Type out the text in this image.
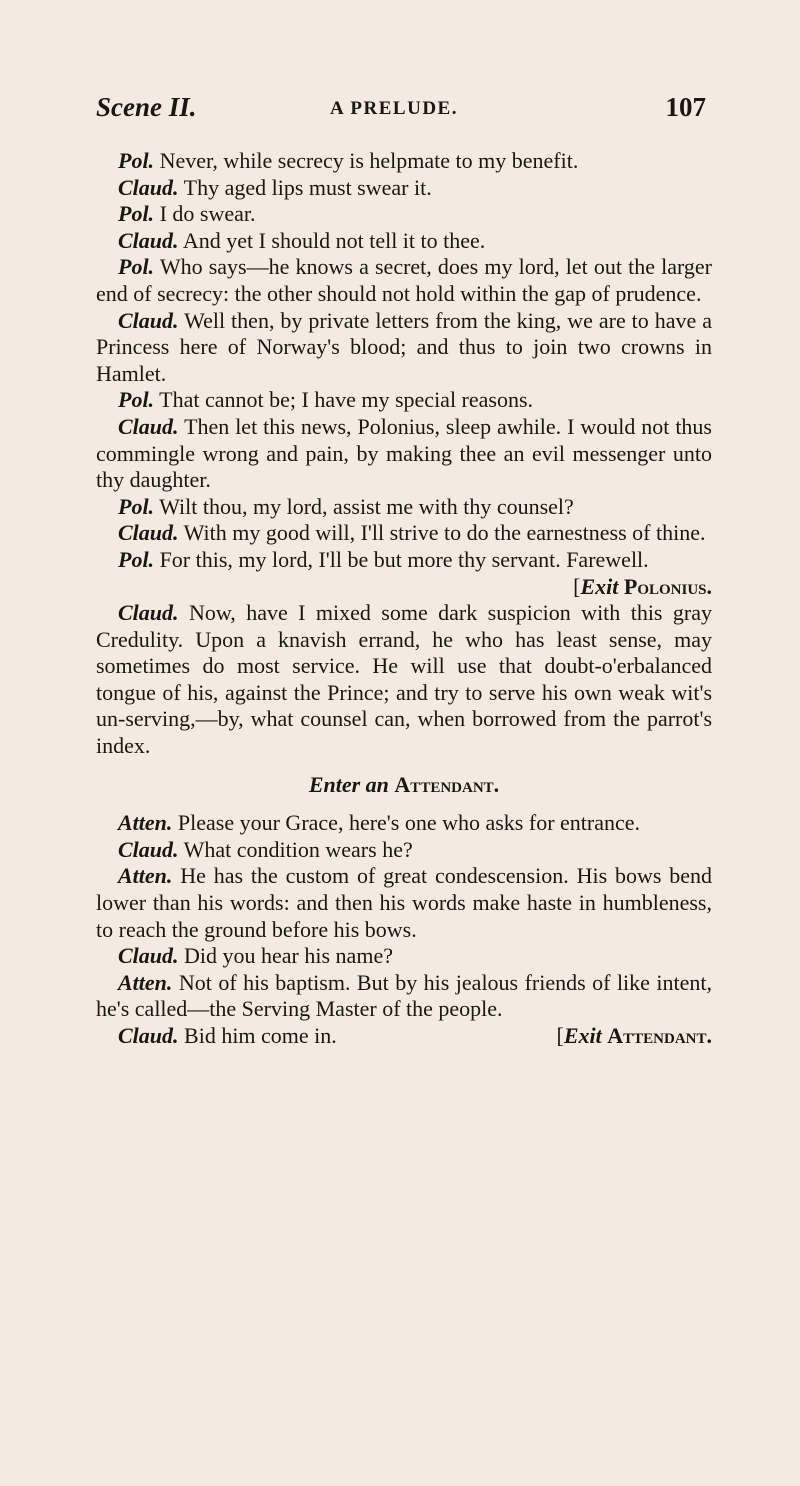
Scene II.	A PRELUDE.	107

Pol. Never, while secrecy is helpmate to my benefit.

Claud. Thy aged lips must swear it.

Pol. I do swear.

Claud. And yet I should not tell it to thee.

Pol. Who says—he knows a secret, does my lord, let out the larger end of secrecy: the other should not hold within the gap of prudence.

Claud. Well then, by private letters from the king, we are to have a Princess here of Norway's blood; and thus to join two crowns in Hamlet.

Pol. That cannot be; I have my special reasons.

Claud. Then let this news, Polonius, sleep awhile. I would not thus commingle wrong and pain, by making thee an evil messenger unto thy daughter.

Pol. Wilt thou, my lord, assist me with thy counsel?

Claud. With my good will, I'll strive to do the earnestness of thine.

Pol. For this, my lord, I'll be but more thy servant. Farewell.
[Exit Polonius.

Claud. Now, have I mixed some dark suspicion with this gray Credulity. Upon a knavish errand, he who has least sense, may sometimes do most service. He will use that doubt-o'erbalanced tongue of his, against the Prince; and try to serve his own weak wit's un-serving,—by, what counsel can, when borrowed from the parrot's index.

Enter an Attendant.

Atten. Please your Grace, here's one who asks for entrance.

Claud. What condition wears he?

Atten. He has the custom of great condescension. His bows bend lower than his words: and then his words make haste in humbleness, to reach the ground before his bows.

Claud. Did you hear his name?

Atten. Not of his baptism. But by his jealous friends of like intent, he's called—the Serving Master of the people.

Claud. Bid him come in.	[Exit Attendant.
